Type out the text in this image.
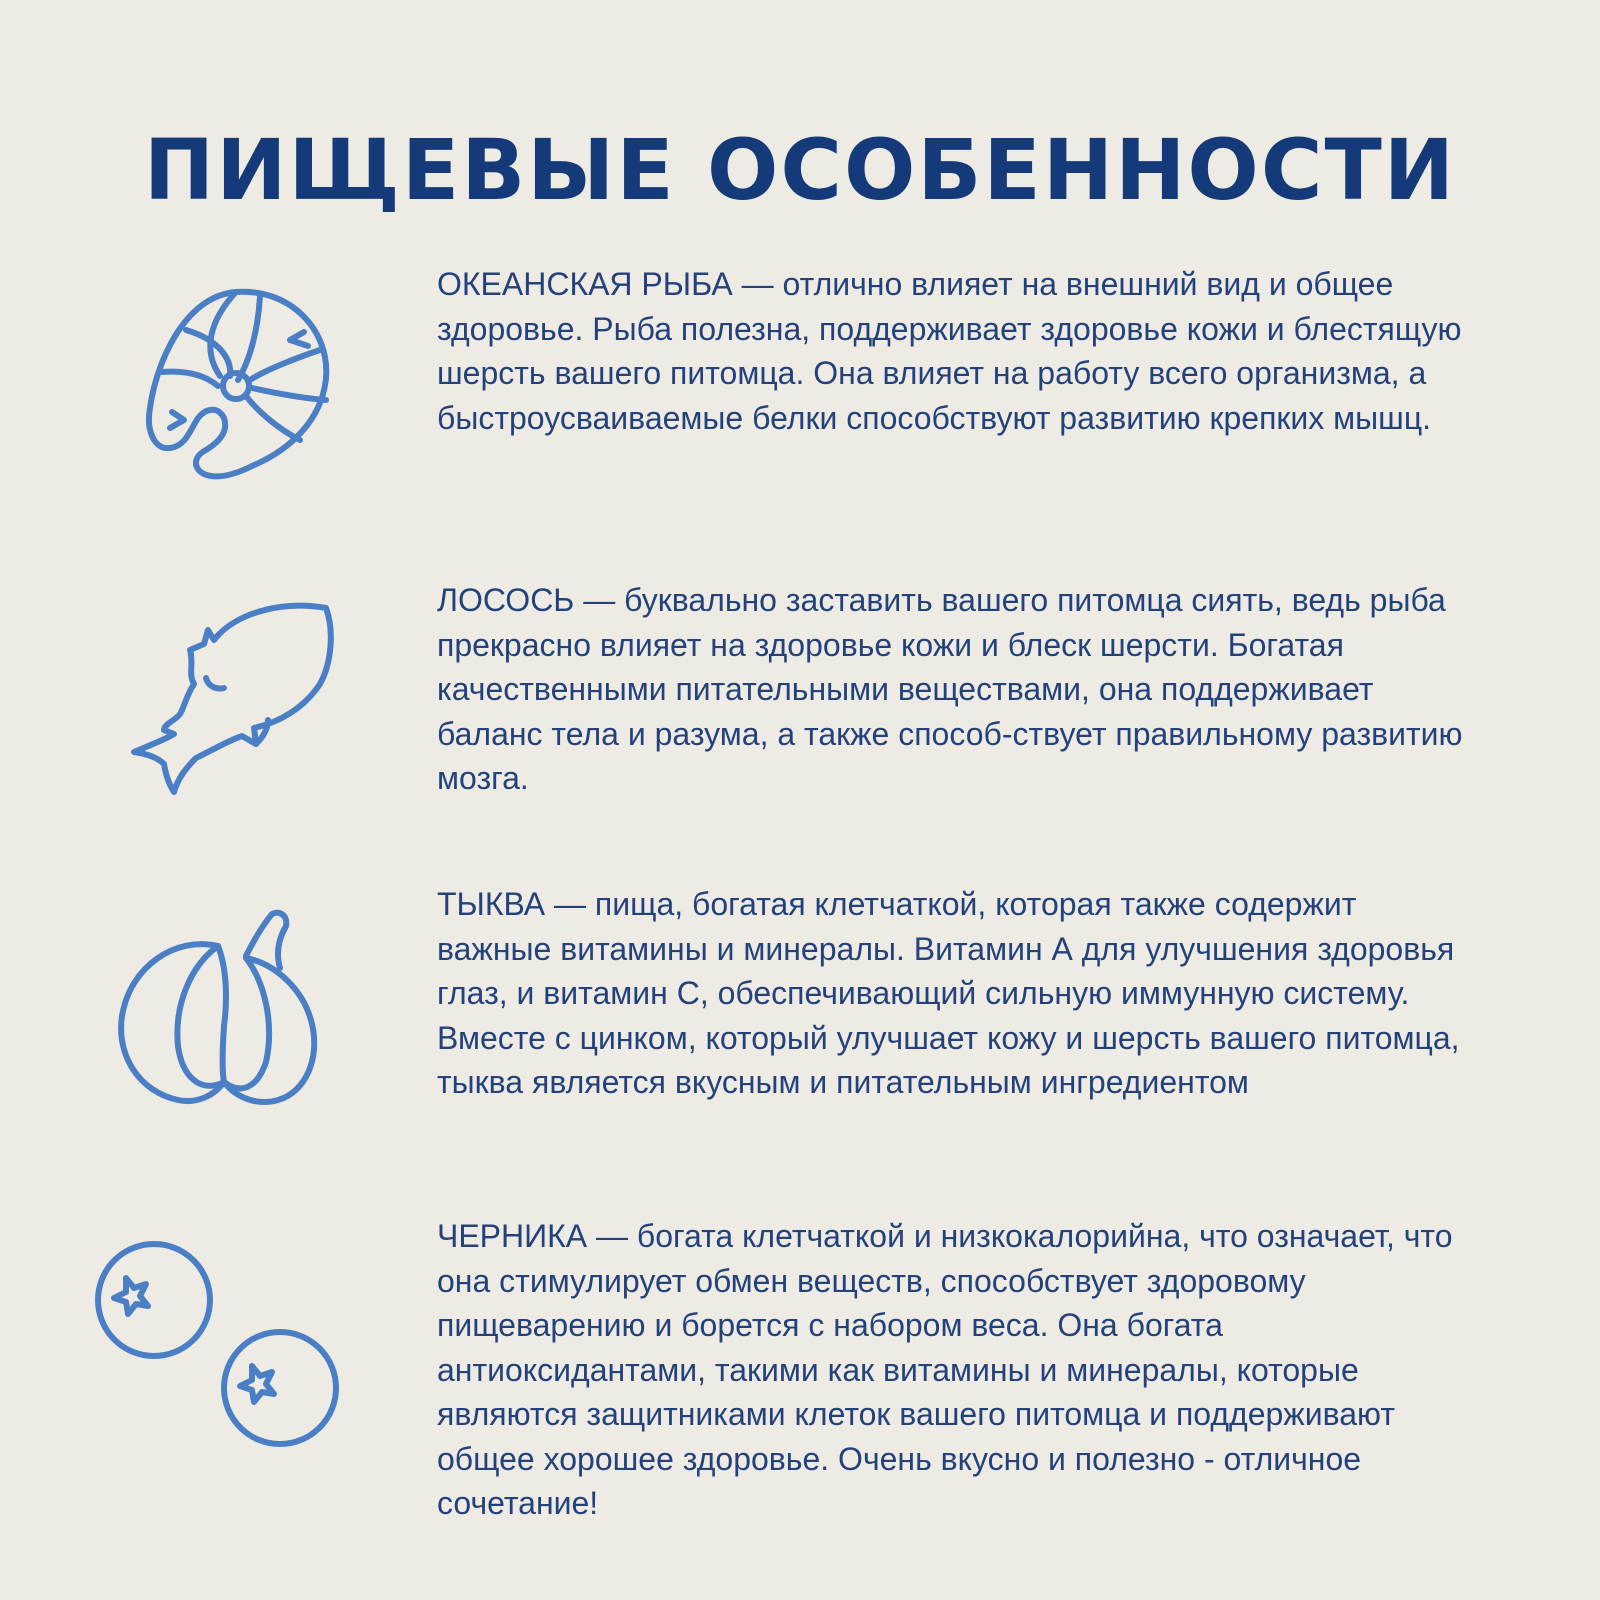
ПИЩЕВЫЕ ОСОБЕННОСТИ

ОКЕАНСКАЯ РЫБА — отлично влияет на внешний вид и общее здоровье. Рыба полезна, поддерживает здоровье кожи и блестящую шерсть вашего питомца. Она влияет на работу всего организма, а быстроусваиваемые белки способствуют развитию крепких мышц.

ЛОСОСЬ — буквально заставить вашего питомца сиять, ведь рыба прекрасно влияет на здоровье кожи и блеск шерсти. Богатая качественными питательными веществами, она поддерживает баланс тела и разума, а также способ-ствует правильному развитию мозга.

ТЫКВА — пища, богатая клетчаткой, которая также содержит важные витамины и минералы. Витамин А для улучшения здоровья глаз, и витамин С, обеспечивающий сильную иммунную систему. Вместе с цинком, который улучшает кожу и шерсть вашего питомца, тыква является вкусным и питательным ингредиентом

ЧЕРНИКА — богата клетчаткой и низкокалорийна, что означает, что она стимулирует обмен веществ, способствует здоровому пищеварению и борется с набором веса. Она богата антиоксидантами, такими как витамины и минералы, которые являются защитниками клеток вашего питомца и поддерживают общее хорошее здоровье. Очень вкусно и полезно - отличное сочетание!
